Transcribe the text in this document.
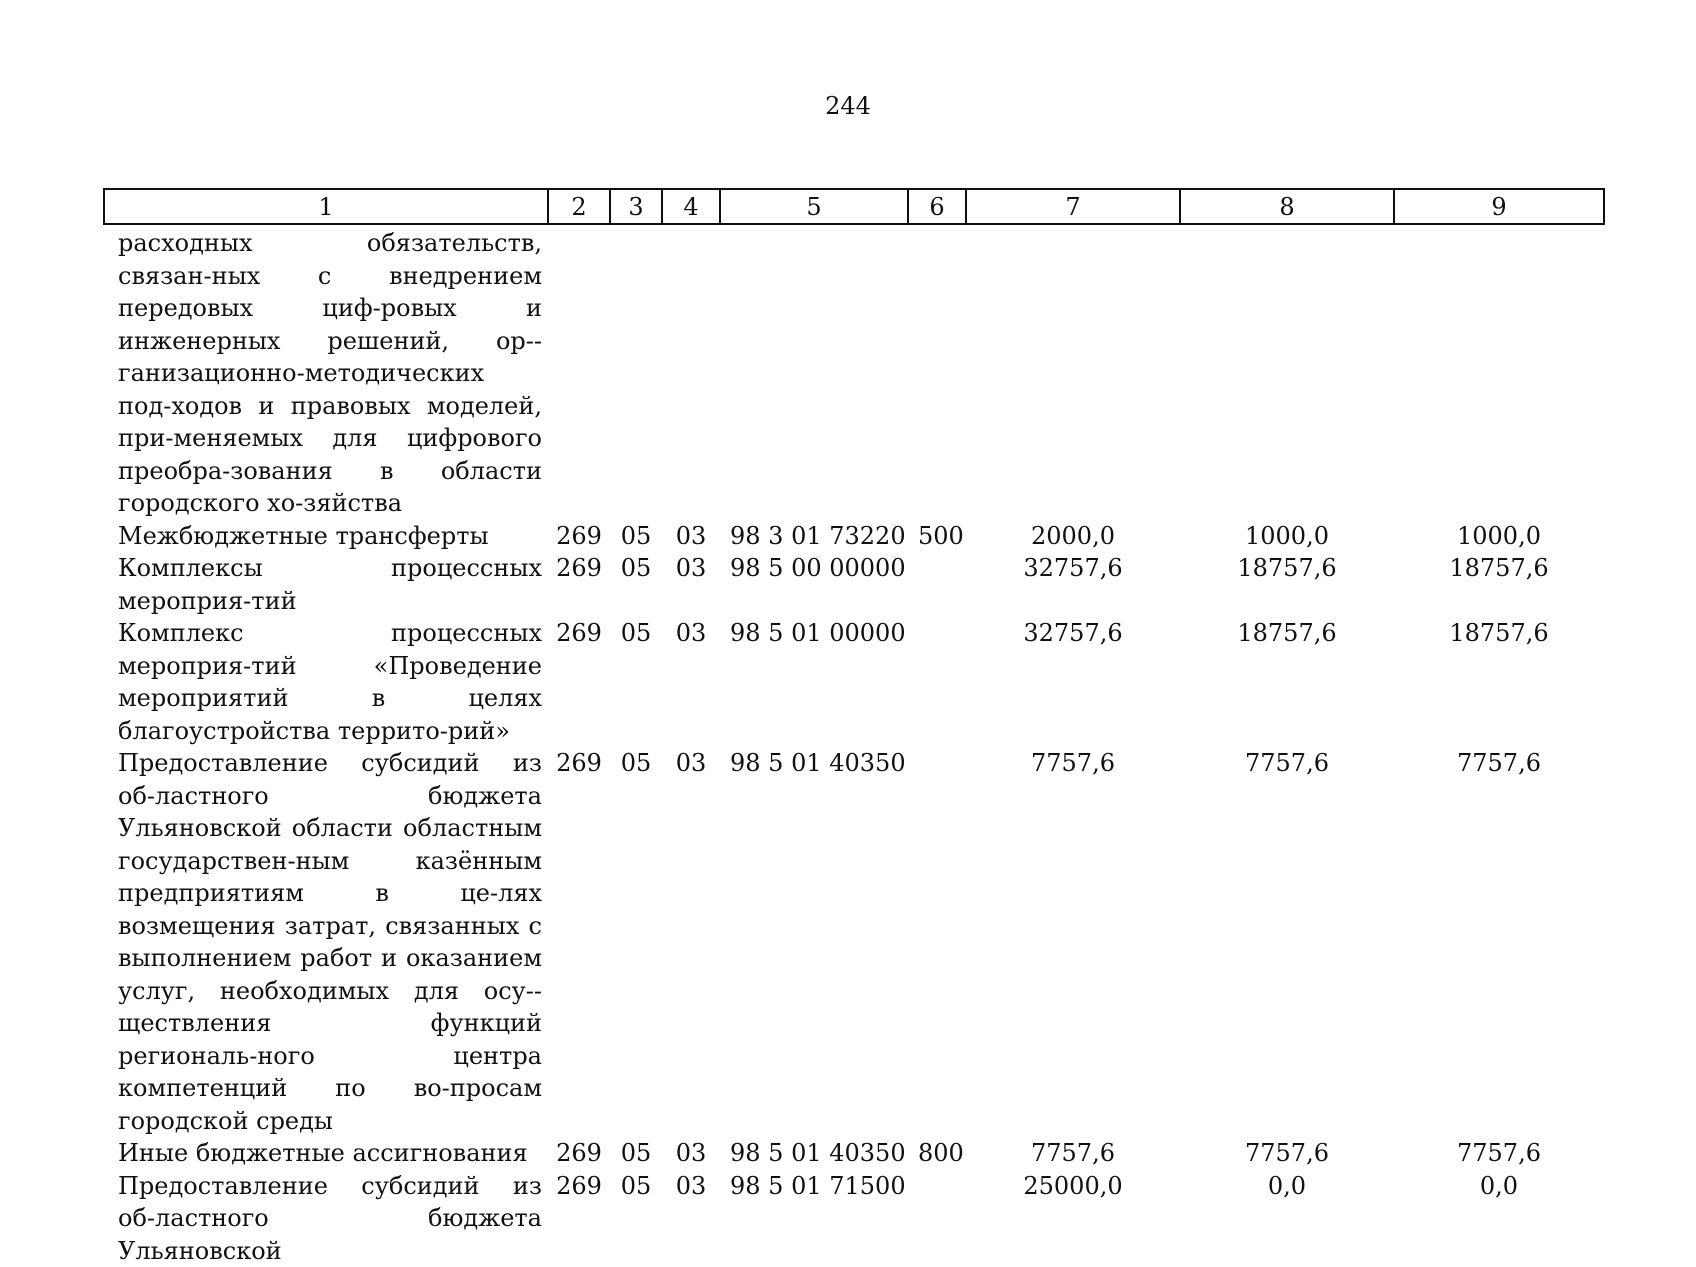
244
1	2	3	4	5	6	7	8	9
расходных обязательств, связан-ных с внедрением передовых циф-ровых и инженерных решений, ор-ганизационно-методических под-ходов и правовых моделей, при-меняемых для цифрового преобра-зования в области городского хо-зяйства								
Межбюджетные трансферты	269	05	03	98 3 01 73220	500	2000,0	1000,0	1000,0
Комплексы процессных мероприя-тий	269	05	03	98 5 00 00000		32757,6	18757,6	18757,6
Комплекс процессных мероприя-тий «Проведение мероприятий в целях благоустройства террито-рий»	269	05	03	98 5 01 00000		32757,6	18757,6	18757,6
Предоставление субсидий из об-ластного бюджета Ульяновской области областным государствен-ным казённым предприятиям в це-лях возмещения затрат, связанных с выполнением работ и оказанием услуг, необходимых для осу-ществления функций региональ-ного центра компетенций по во-просам городской среды	269	05	03	98 5 01 40350		7757,6	7757,6	7757,6
Иные бюджетные ассигнования	269	05	03	98 5 01 40350	800	7757,6	7757,6	7757,6
Предоставление субсидий из об-ластного бюджета Ульяновской	269	05	03	98 5 01 71500		25000,0	0,0	0,0
